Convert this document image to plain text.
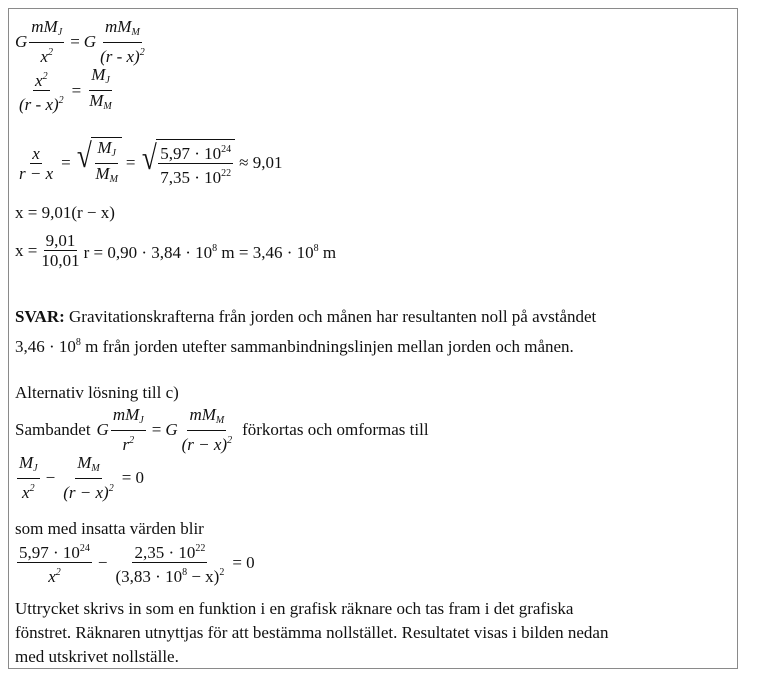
G $\frac{mM_J}{x^2} = G \frac{mM_M}{(r - x)^2}$
$\frac{x^2}{(r - x)^2} = \frac{M_J}{M_M}$
$\frac{x}{r - x}$ = √ $\frac{M_J}{M_M}$ = √ $\frac{5,97 \cdot 10^{24}}{7,35 \cdot 10^{22}} \approx 9,01$
x = 9,01(r − x)
$x = \frac{9,01}{10,01}$ $r = 0,90 \cdot 3,84 \cdot 10^8$ $m = 3,46 \cdot 10^8$ m
SVAR: Gravitationskrafterna från jorden och månen har resultanten noll på avståndet
$3,46 \cdot 10^8$ m från jorden utefter sammanbindningslinjen mellan jorden och månen.
Alternativ lösning till c)
Sambandet G $\frac{mM_J}{r^2} = G \frac{mM_M}{(r - x)^2}$ förkortas och omformas till
$\frac{M_J}{x^2} - \frac{M_M}{(r - x)^2} = 0$
som med insatta värden blir
$\frac{5,97 \cdot 10^{24}}{x^2} - \frac{2,35 \cdot 10^{22}}{(3,83 \cdot 10^8 - x)^2} = 0$
Uttrycket skrivs in som en funktion i en grafisk räknare och tas fram i det grafiska
fönstret. Räknaren utnyttjas för att bestämma nollstället. Resultatet visas i bilden nedan
med utskrivet nollställe.
